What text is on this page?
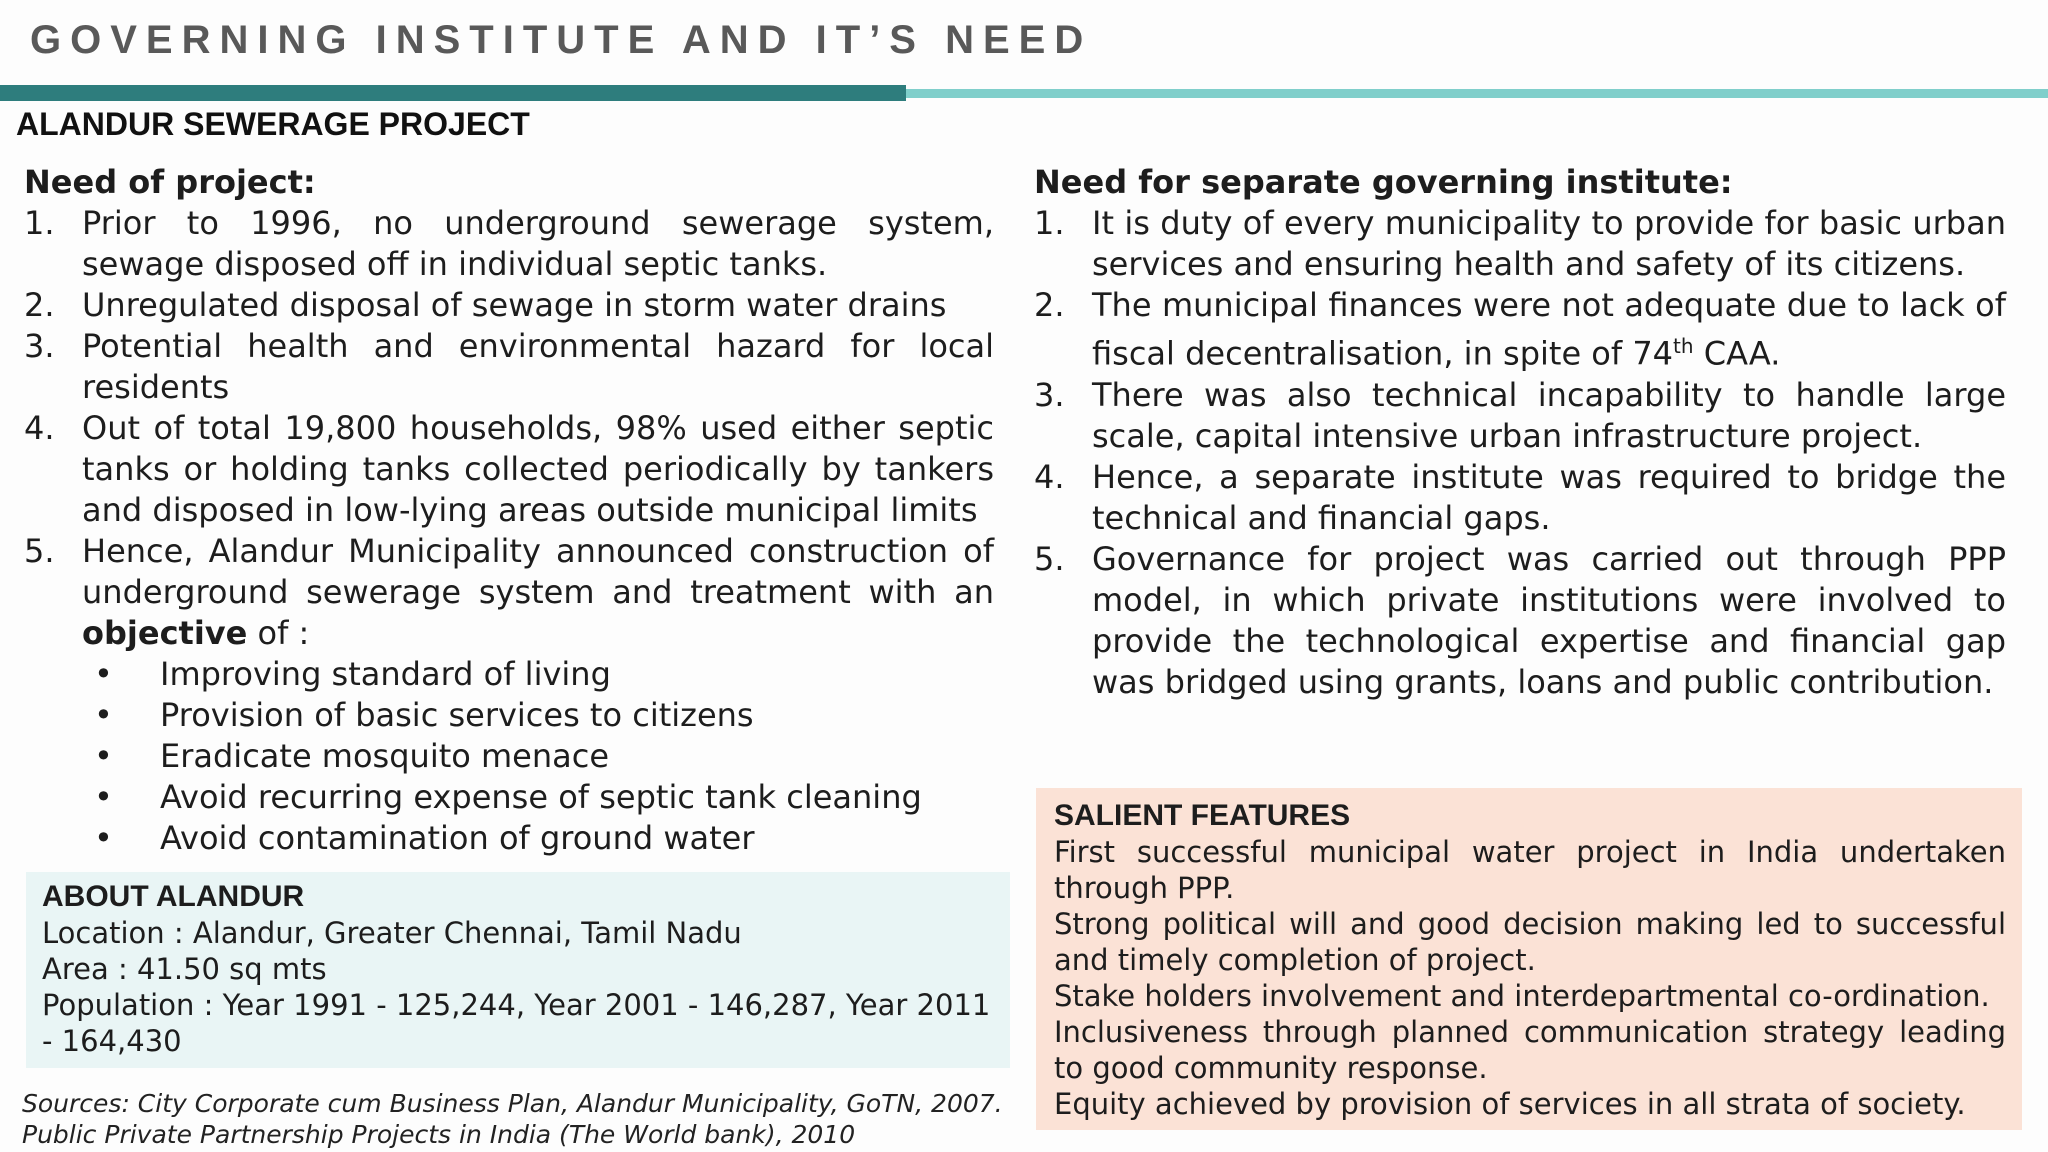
GOVERNING INSTITUTE AND IT’S NEED
ALANDUR SEWERAGE PROJECT
Need of project:
1. Prior to 1996, no underground sewerage system, sewage disposed off in individual septic tanks.
2. Unregulated disposal of sewage in storm water drains
3. Potential health and environmental hazard for local residents
4. Out of total 19,800 households, 98% used either septic tanks or holding tanks collected periodically by tankers and disposed in low-lying areas outside municipal limits
5. Hence, Alandur Municipality announced construction of underground sewerage system and treatment with an objective of :
•	Improving standard of living
•	Provision of basic services to citizens
•	Eradicate mosquito menace
•	Avoid recurring expense of septic tank cleaning
•	Avoid contamination of ground water
Need for separate governing institute:
1. It is duty of every municipality to provide for basic urban services and ensuring health and safety of its citizens.
2. The municipal finances were not adequate due to lack of fiscal decentralisation, in spite of 74th CAA.
3. There was also technical incapability to handle large scale, capital intensive urban infrastructure project.
4. Hence, a separate institute was required to bridge the technical and financial gaps.
5. Governance for project was carried out through PPP model, in which private institutions were involved to provide the technological expertise and financial gap was bridged using grants, loans and public contribution.
ABOUT ALANDUR
Location : Alandur, Greater Chennai, Tamil Nadu
Area : 41.50 sq mts
Population : Year 1991 - 125,244, Year 2001 - 146,287, Year 2011 - 164,430
SALIENT FEATURES
First successful municipal water project in India undertaken through PPP.
Strong political will and good decision making led to successful and timely completion of project.
Stake holders involvement and interdepartmental co-ordination.
Inclusiveness through planned communication strategy leading to good community response.
Equity achieved by provision of services in all strata of society.
Sources: City Corporate cum Business Plan, Alandur Municipality, GoTN, 2007.
Public Private Partnership Projects in India (The World bank), 2010
